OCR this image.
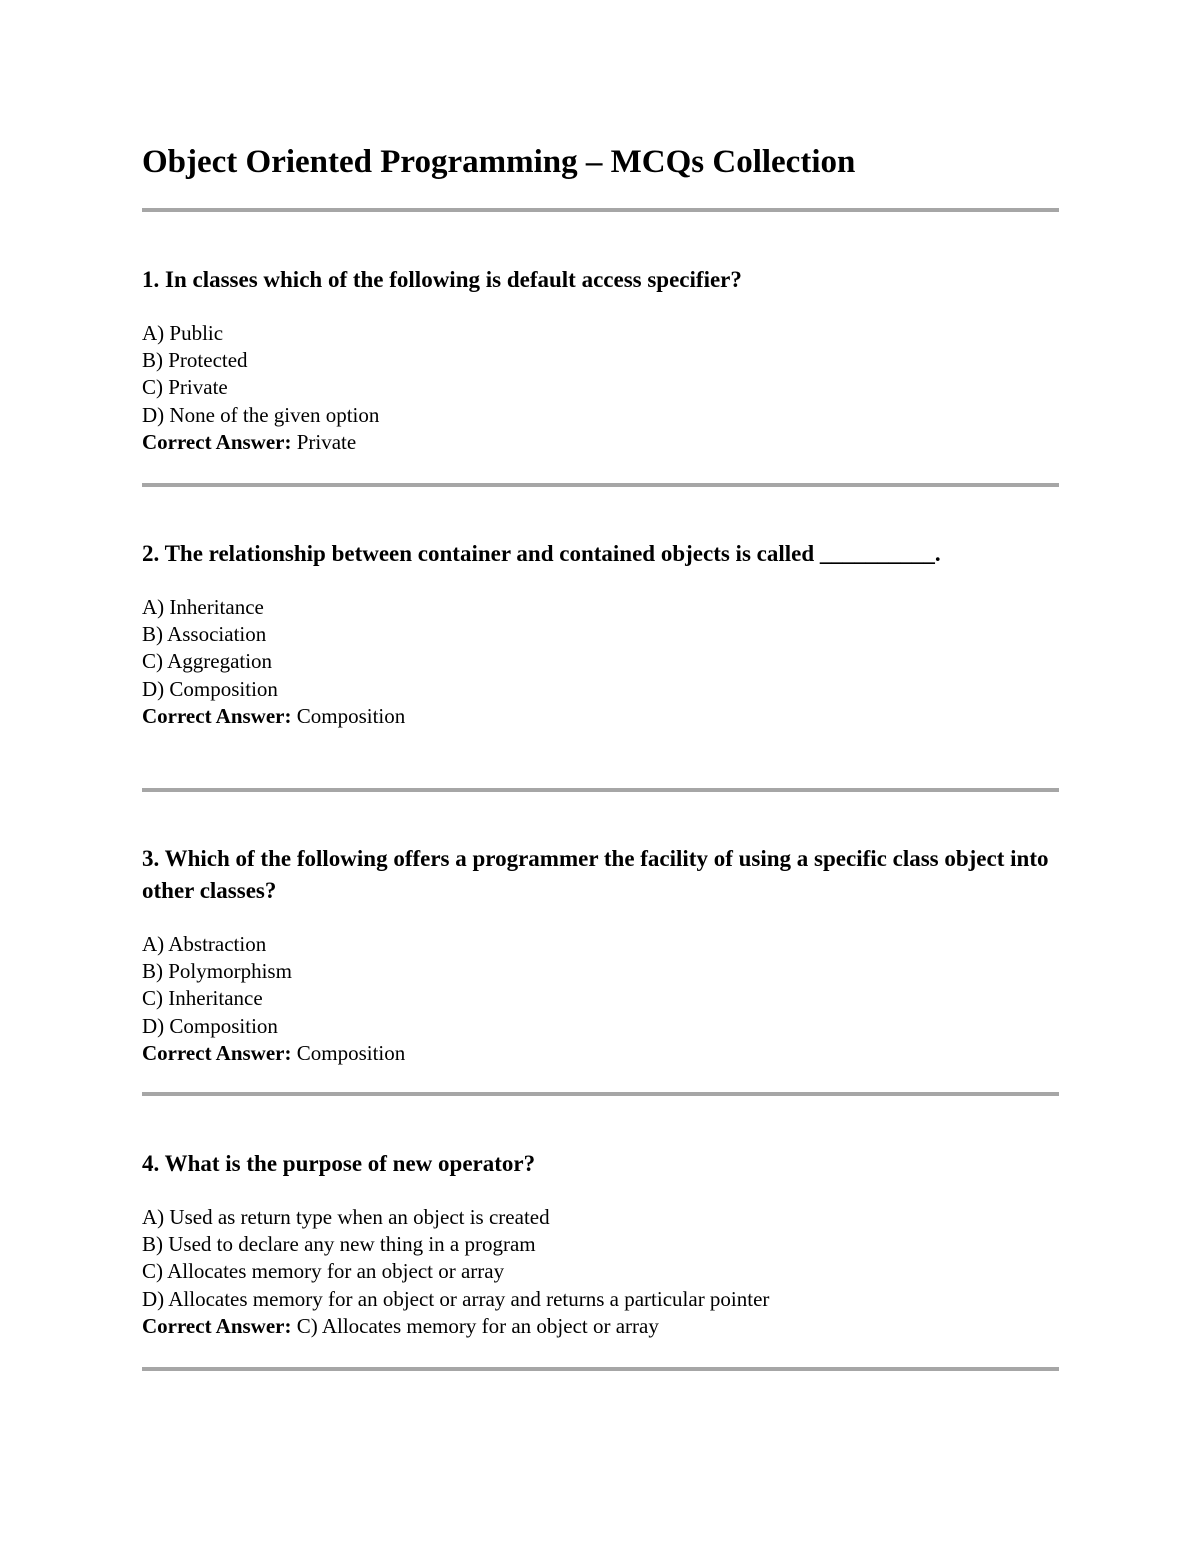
Object Oriented Programming – MCQs Collection

1. In classes which of the following is default access specifier?

A) Public
B) Protected
C) Private
D) None of the given option
Correct Answer: Private

2. The relationship between container and contained objects is called __________.

A) Inheritance
B) Association
C) Aggregation
D) Composition
Correct Answer: Composition

3. Which of the following offers a programmer the facility of using a specific class object into other classes?

A) Abstraction
B) Polymorphism
C) Inheritance
D) Composition
Correct Answer: Composition

4. What is the purpose of new operator?

A) Used as return type when an object is created
B) Used to declare any new thing in a program
C) Allocates memory for an object or array
D) Allocates memory for an object or array and returns a particular pointer
Correct Answer: C) Allocates memory for an object or array
